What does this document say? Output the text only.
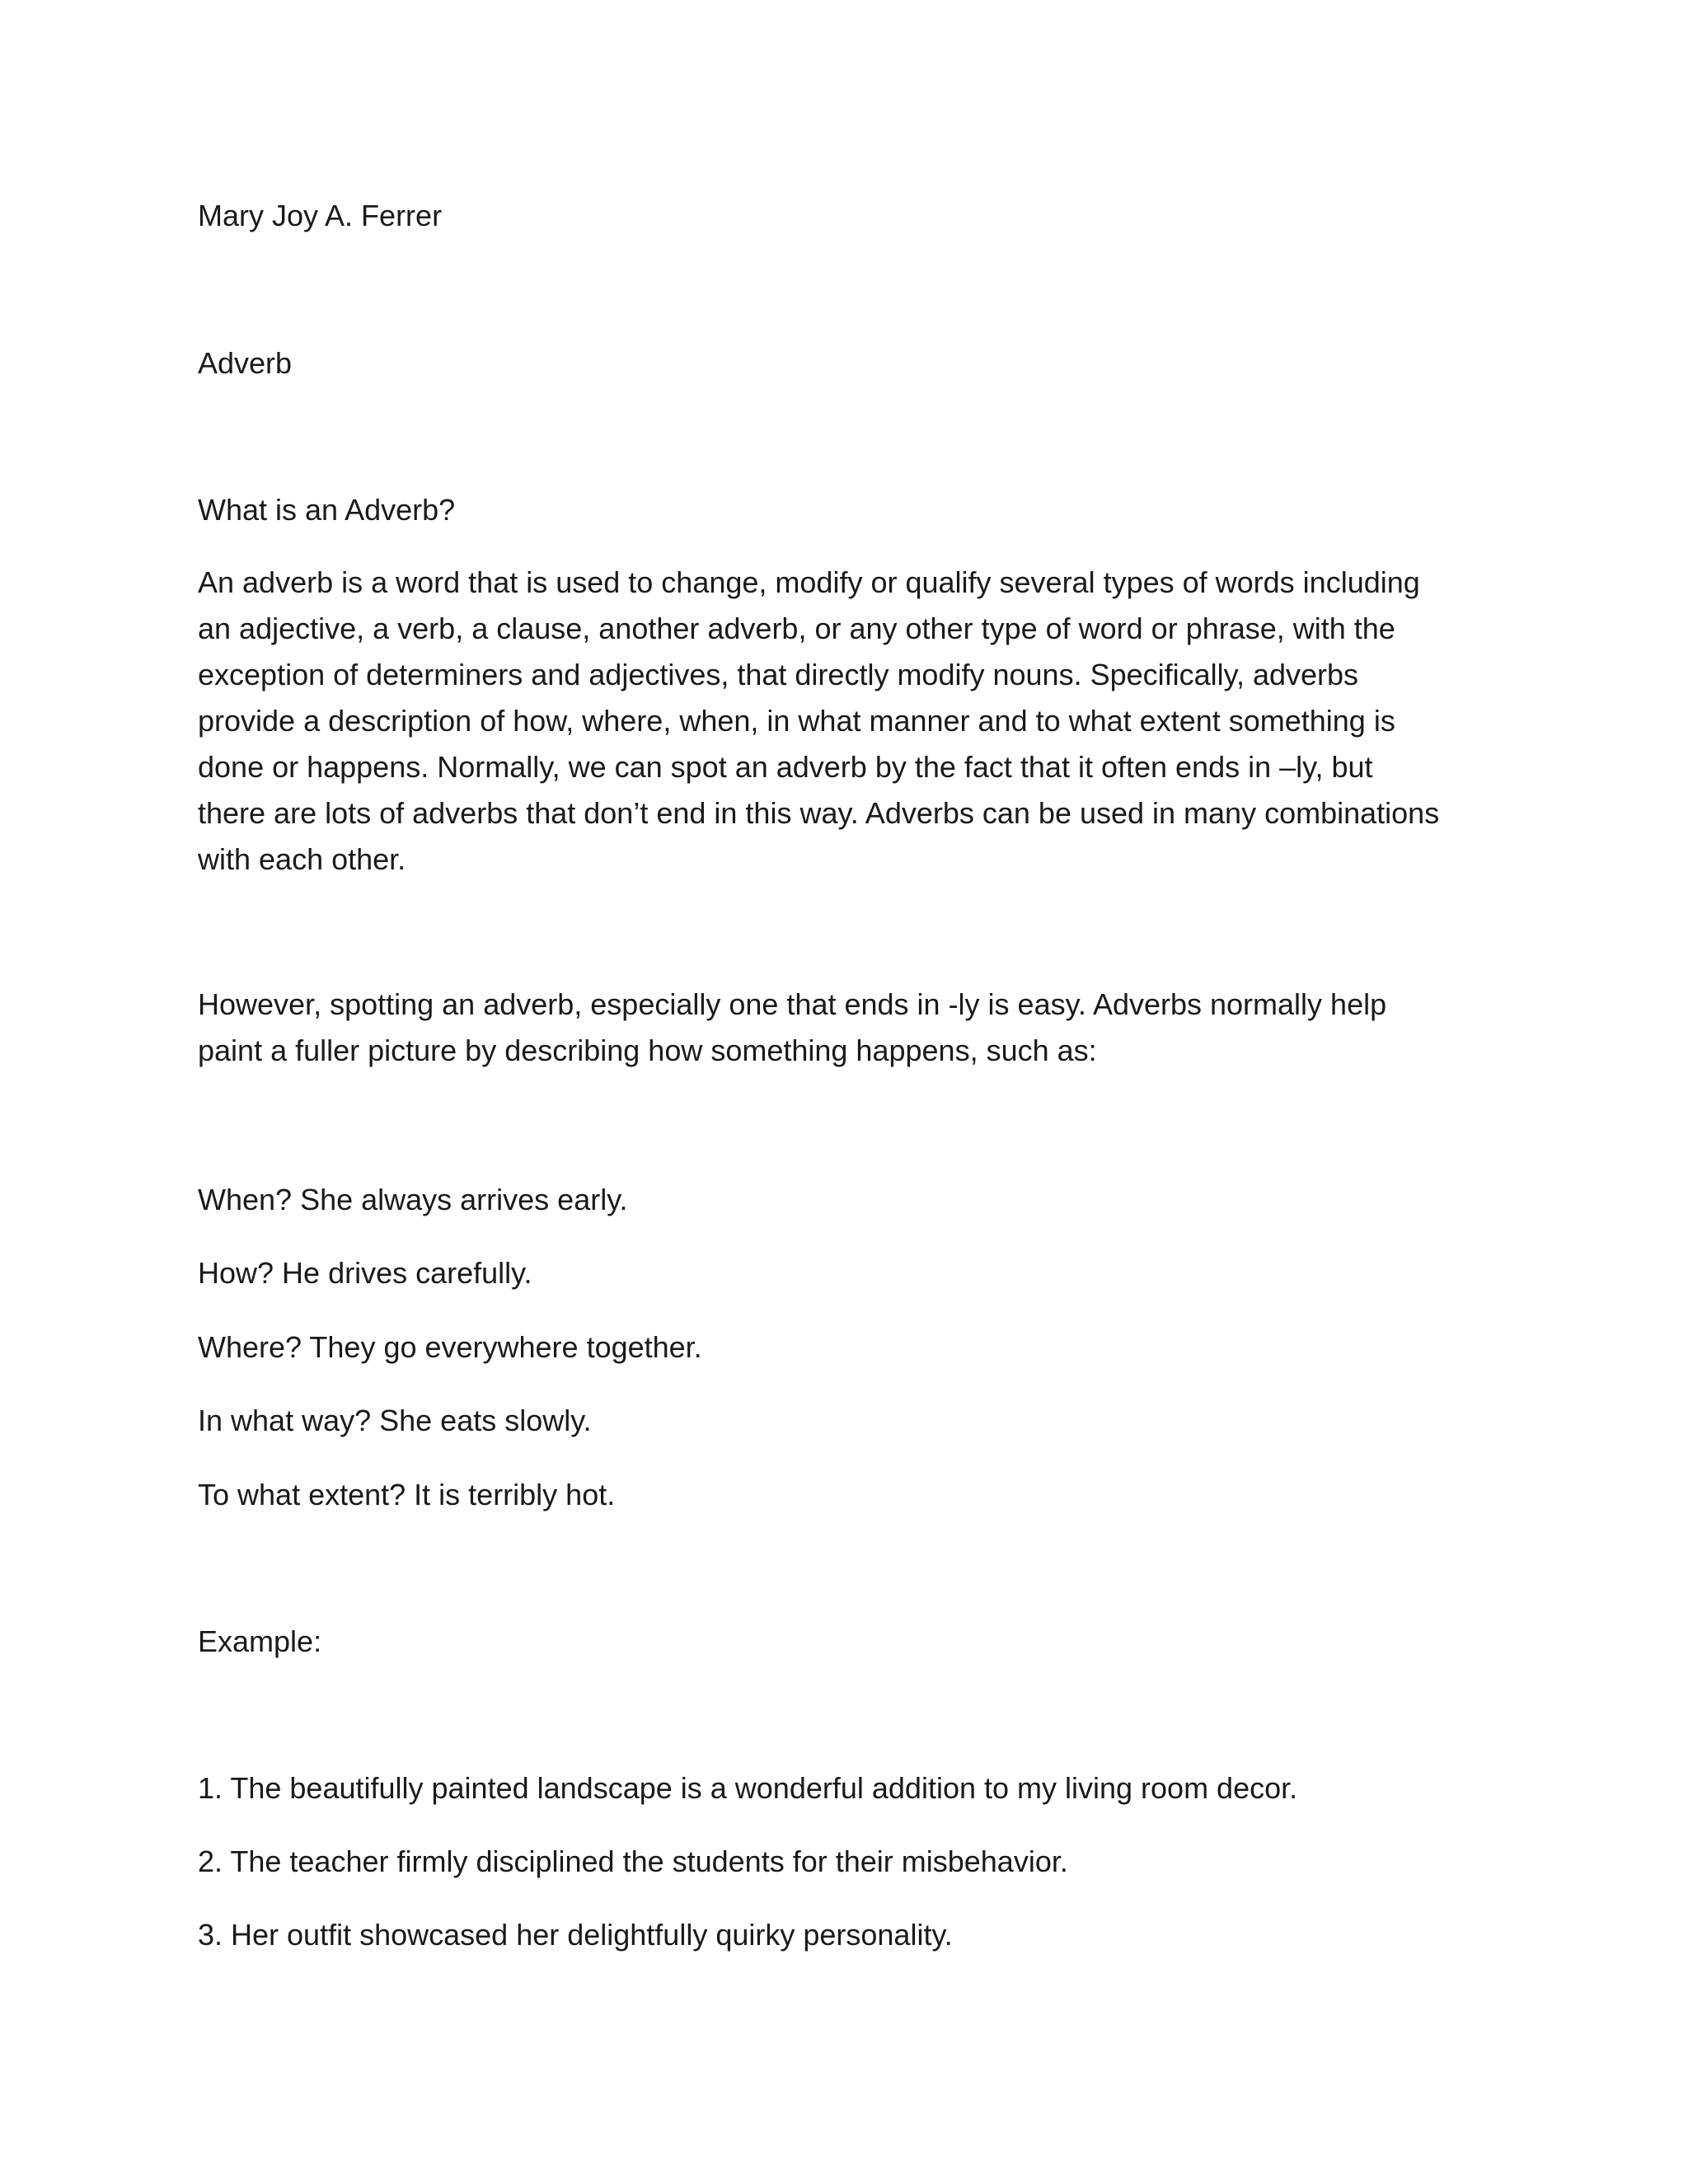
Mary Joy A. Ferrer

Adverb

What is an Adverb?

An adverb is a word that is used to change, modify or qualify several types of words including
an adjective, a verb, a clause, another adverb, or any other type of word or phrase, with the
exception of determiners and adjectives, that directly modify nouns. Specifically, adverbs
provide a description of how, where, when, in what manner and to what extent something is
done or happens. Normally, we can spot an adverb by the fact that it often ends in –ly, but
there are lots of adverbs that don’t end in this way. Adverbs can be used in many combinations
with each other.
However, spotting an adverb, especially one that ends in -ly is easy. Adverbs normally help
paint a fuller picture by describing how something happens, such as:

When? She always arrives early.

How? He drives carefully.

Where? They go everywhere together.

In what way? She eats slowly.

To what extent? It is terribly hot.

Example:

1. The beautifully painted landscape is a wonderful addition to my living room decor.

2. The teacher firmly disciplined the students for their misbehavior.

3. Her outfit showcased her delightfully quirky personality.
